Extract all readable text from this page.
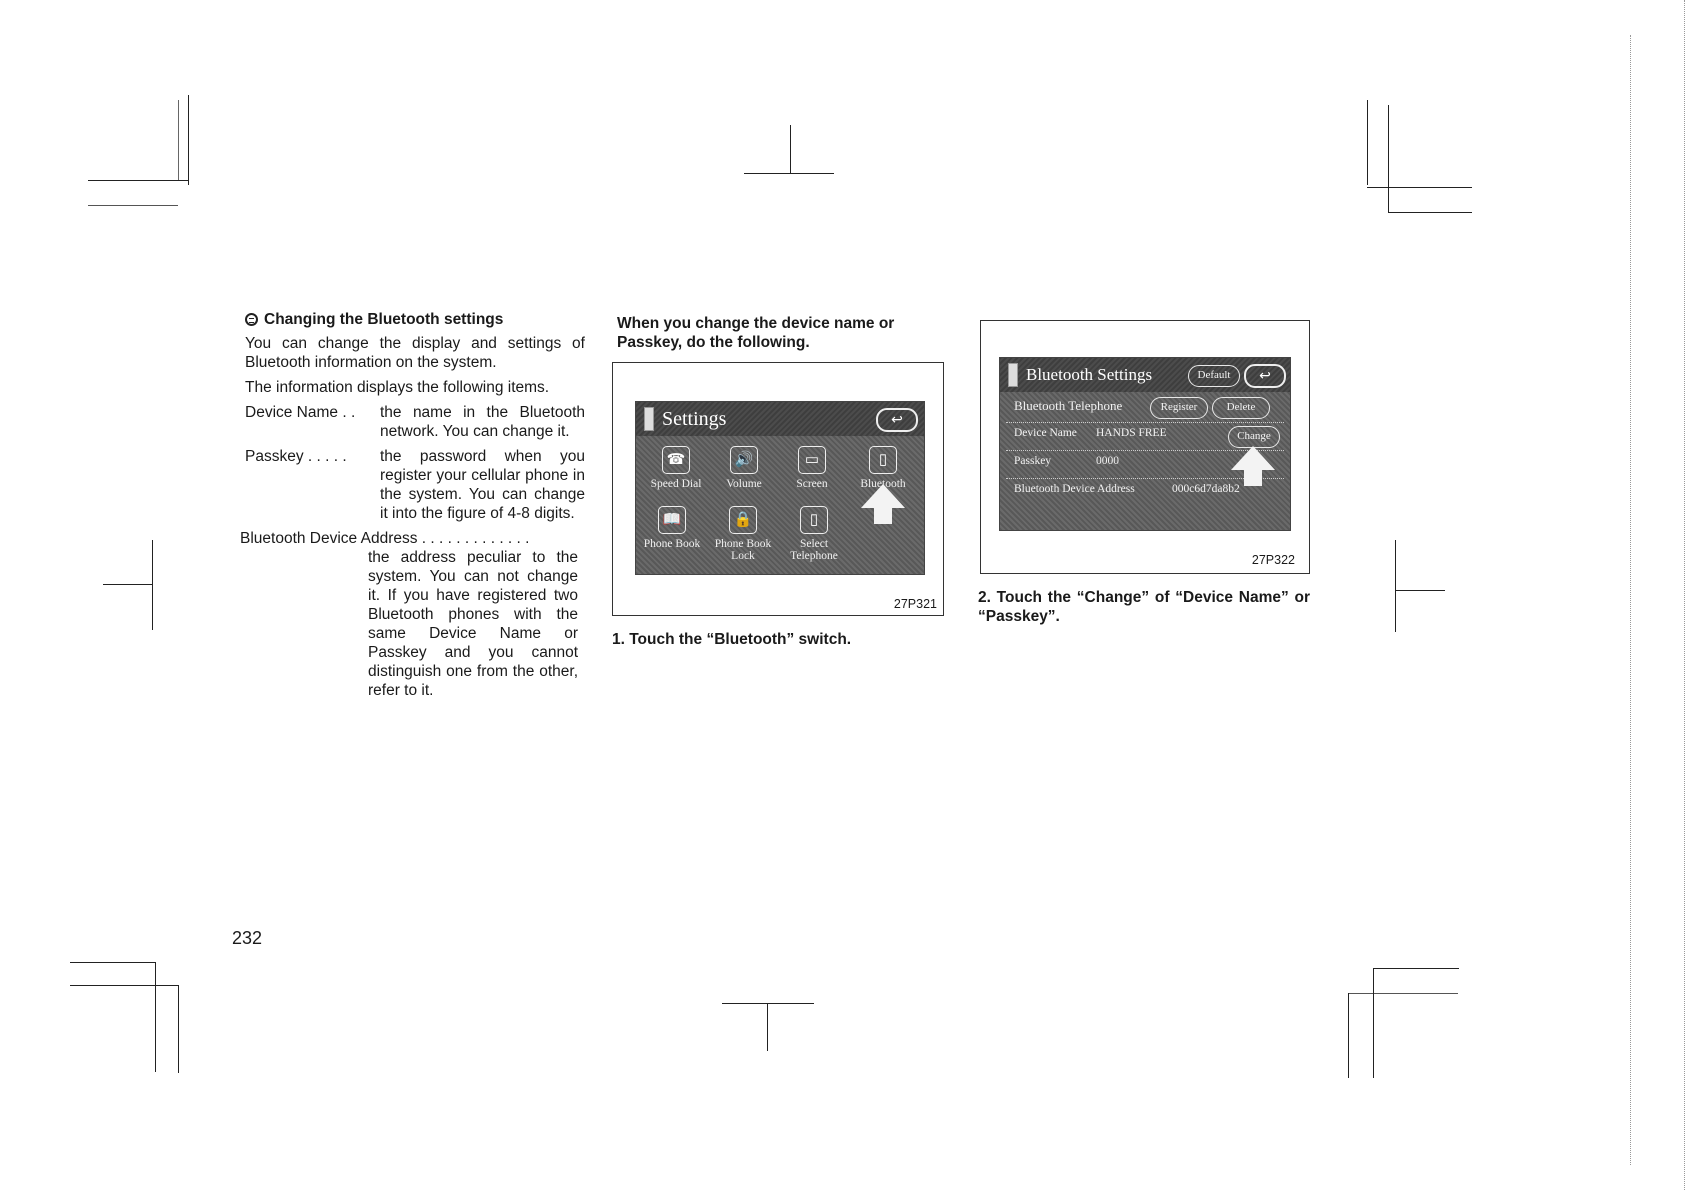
Changing the Bluetooth settings
You can change the display and settings of Bluetooth information on the system.
The information displays the following items.
Device Name . .	the name in the Bluetooth network. You can change it.
Passkey . . . . .	the password when you register your cellular phone in the system. You can change it into the figure of 4-8 digits.
Bluetooth Device Address . . . . . . . . . . . . .
the address peculiar to the system. You can not change it. If you have registered two Bluetooth phones with the same Device Name or Passkey and you cannot distinguish one from the other, refer to it.
232
When you change the device name or Passkey, do the following.
Settings	↩
☎
Speed Dial
🔊
Volume
▭
Screen
▯
Bluetooth
📖
Phone Book
🔒
Phone Book Lock
▯
Select Telephone
27P321
1. Touch the “Bluetooth” switch.
Bluetooth Settings	Default	↩
Bluetooth Telephone	Register	Delete
Device Name HANDS FREE	Change
Passkey	0000
Bluetooth Device Address	000c6d7da8b2
27P322
2. Touch the “Change” of “Device Name” or “Passkey”.
